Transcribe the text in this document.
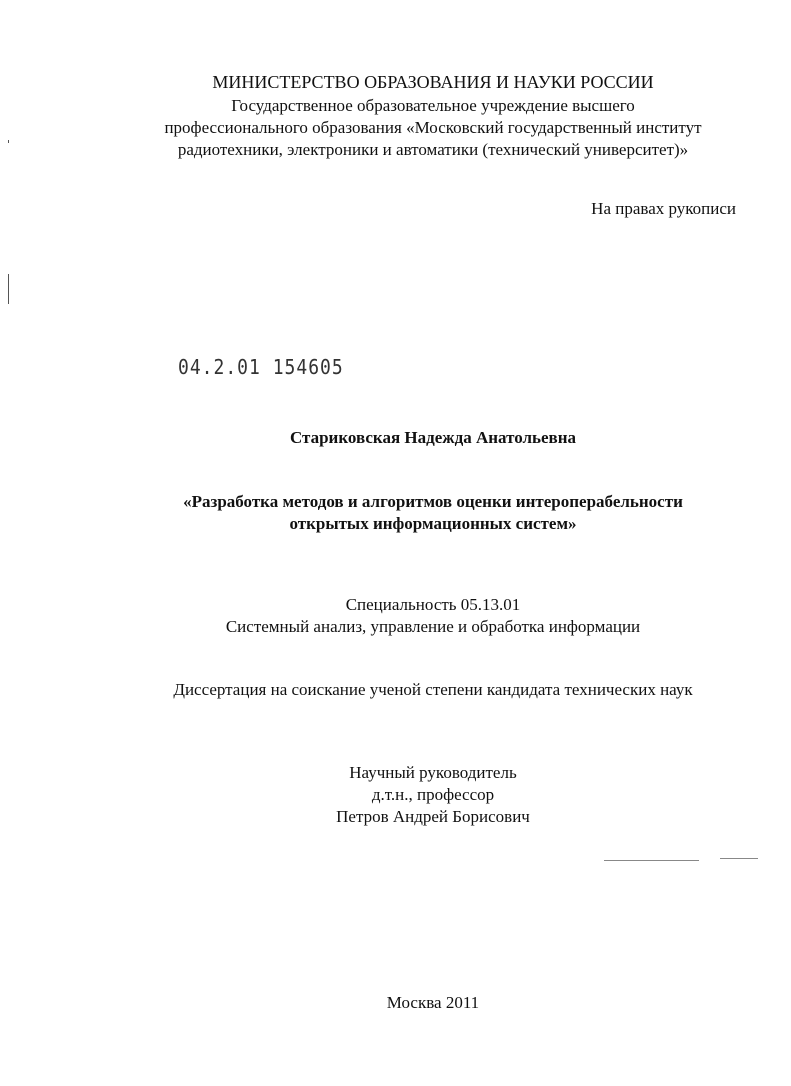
МИНИСТЕРСТВО ОБРАЗОВАНИЯ И НАУКИ РОССИИ
Государственное образовательное учреждение высшего
профессионального образования «Московский государственный институт
радиотехники, электроники и автоматики (технический университет)»
На правах рукописи
04.2.01 154605
Стариковская Надежда Анатольевна
«Разработка методов и алгоритмов оценки интероперабельности
открытых информационных систем»
Специальность 05.13.01
Системный анализ, управление и обработка информации
Диссертация на соискание ученой степени кандидата технических наук
Научный руководитель
д.т.н., профессор
Петров Андрей Борисович
Москва 2011
